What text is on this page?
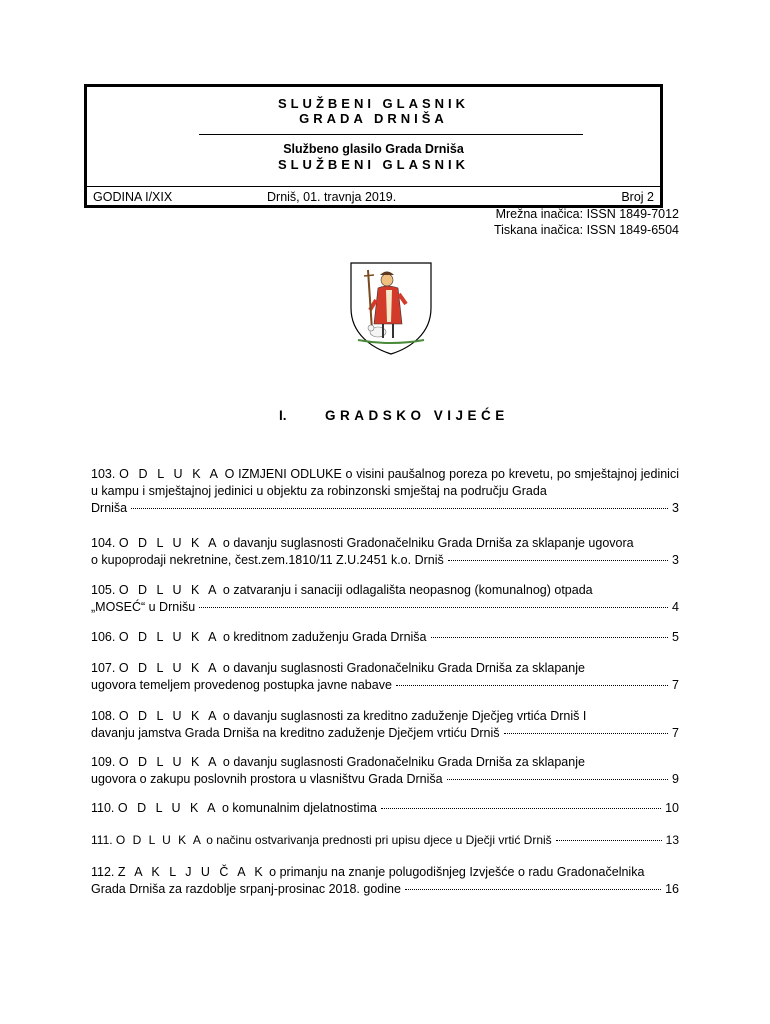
SLUŽBENI GLASNIK
GRADA DRNIŠA
Službeno glasilo Grada Drniša
SLUŽBENI GLASNIK
GODINA I/XIX	Drniš, 01. travnja 2019.	Broj 2
Mrežna inačica: ISSN 1849-7012
Tiskana inačica: ISSN 1849-6504
I.	GRADSKO VIJEĆE

103. O D L U K A O IZMJENI ODLUKE o visini paušalnog poreza po krevetu, po smještajnoj jedinici u kampu i smještajnoj jedinici u objektu za robinzonski smještaj na području Grada

Drniša	3

104. O D L U K A o davanju suglasnosti Gradonačelniku Grada Drniša za sklapanje ugovora

o kupoprodaji nekretnine, čest.zem.1810/11 Z.U.2451 k.o. Drniš	3

105. O D L U K A o zatvaranju i sanaciji odlagališta neopasnog (komunalnog) otpada

„MOSEĆ“ u Drnišu	4
106. O D L U K A o kreditnom zaduženju Grada Drniša	5

107. O D L U K A o davanju suglasnosti Gradonačelniku Grada Drniša za sklapanje

ugovora temeljem provedenog postupka javne nabave	7

108. O D L U K A o davanju suglasnosti za kreditno zaduženje Dječjeg vrtića Drniš I

davanju jamstva Grada Drniša na kreditno zaduženje Dječjem vrtiću Drniš	7

109. O D L U K A o davanju suglasnosti Gradonačelniku Grada Drniša za sklapanje

ugovora o zakupu poslovnih prostora u vlasništvu Grada Drniša	9
110. O D L U K A o komunalnim djelatnostima	10
111. O D L U K A o načinu ostvarivanja prednosti pri upisu djece u Dječji vrtić Drniš	13

112. Z A K L J U Č A K o primanju na znanje polugodišnjeg Izvješće o radu Gradonačelnika

Grada Drniša za razdoblje srpanj-prosinac 2018. godine	16
